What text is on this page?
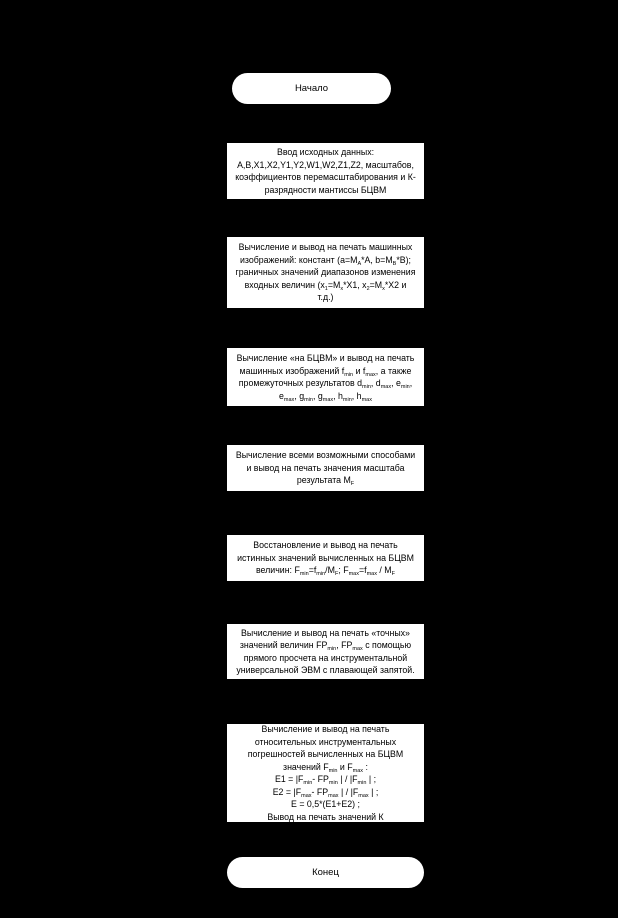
Начало
Ввод исходных данных:
A,B,X1,X2,Y1,Y2,W1,W2,Z1,Z2, масштабов,
коэффициентов перемасштабирования и К-
разрядности мантиссы БЦВМ
Вычисление и вывод на печать машинных
изображений: констант ($a=M_A*A$, $b=M_B*B$);
граничных значений диапазонов изменения
входных величин ($x_1=M_x*X1$, $x_2=M_x*X2$ и
т.д.)
Вычисление «на БЦВМ» и вывод на печать
машинных изображений $f_{min}$ и $f_{max}$, а также
промежуточных результатов $d_{min}$, $d_{max}$, $e_{min}$,
$e_{max}$, $g_{min}$, $g_{max}$, $h_{min}$, $h_{max}$
Вычисление всеми возможными способами
и вывод на печать значения масштаба
результата $M_F$
Восстановление и вывод на печать
истинных значений вычисленных на БЦВМ
величин: $F_{min}=f_{min}/M_F$; $F_{max}=f_{max} / M_F$
Вычисление и вывод на печать «точных»
значений величин $FP_{min}$, $FP_{max}$ с помощью
прямого просчета на инструментальной
универсальной ЭВМ с плавающей запятой.
Вычисление и вывод на печать
относительных инструментальных
погрешностей вычисленных на БЦВМ
значений $F_{min}$ и $F_{max}$ :
$E1 = |F_{min}-$ $FP_{min}$ | / $|F_{min}$ | ;
$E2 = |F_{max}-$ $FP_{max}$ | / $|F_{max}$ | ;
E = 0,5*(E1+E2) ;
Вывод на печать значений К
Конец
